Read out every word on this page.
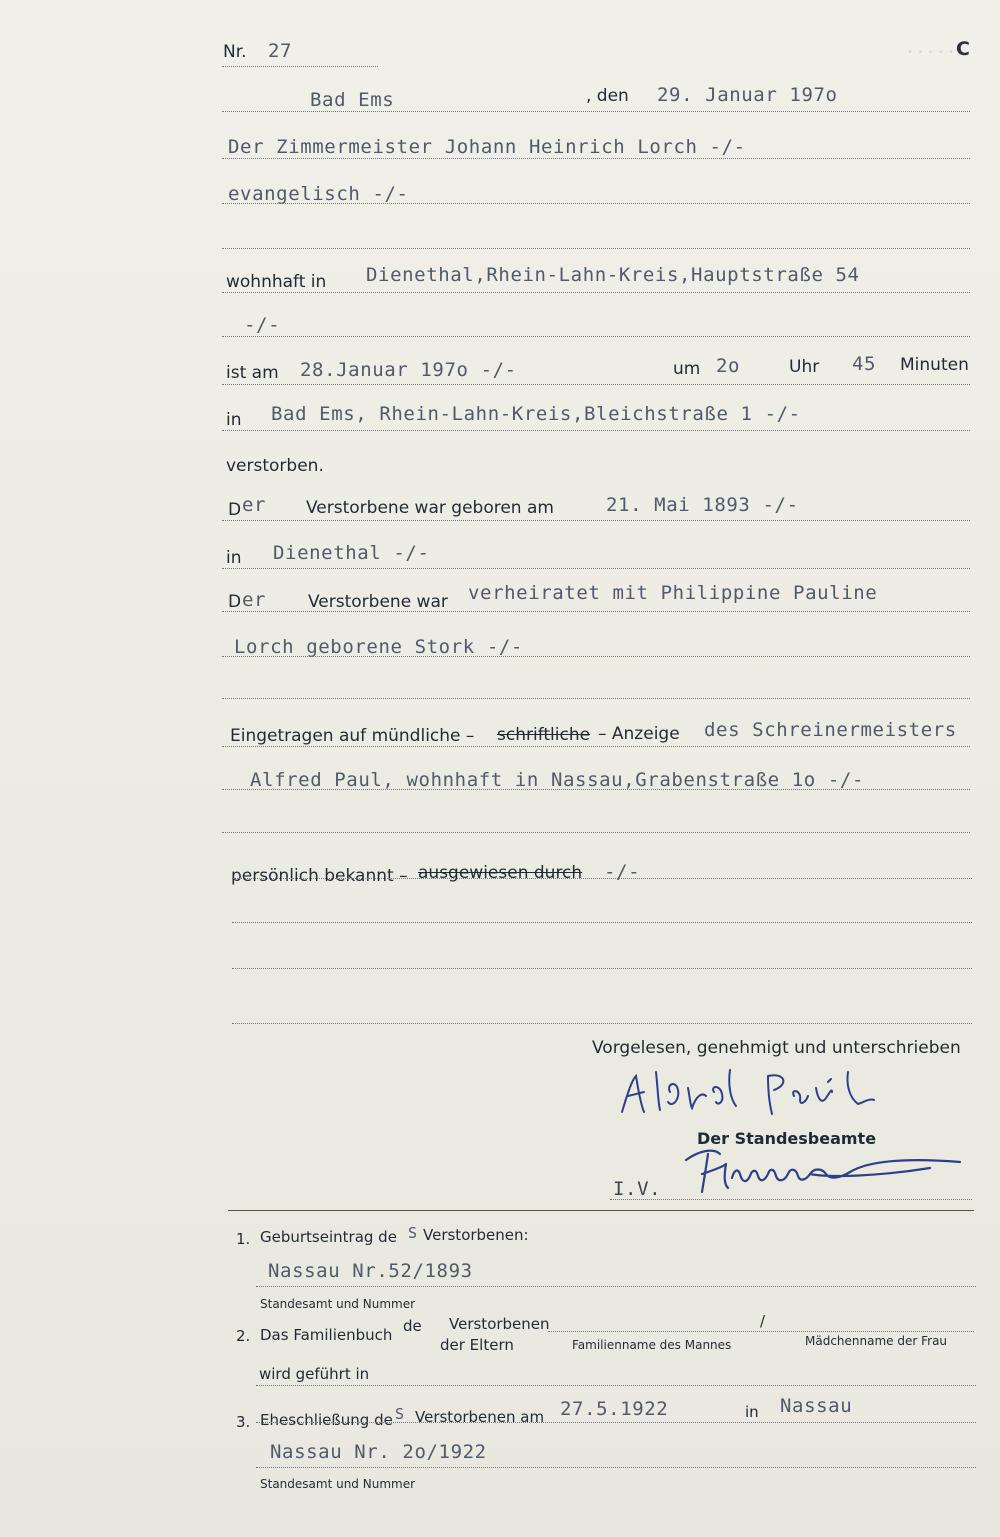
.....
Nr. 27	C
Bad Ems	, den 29. Januar 197o
Der Zimmermeister Johann Heinrich Lorch -/-
evangelisch -/-
wohnhaft in Dienethal,Rhein-Lahn-Kreis,Hauptstraße 54
-/-
ist am 28.Januar 197o -/-	um 2o	Uhr 45 Minuten
in Bad Ems, Rhein-Lahn-Kreis,Bleichstraße 1 -/-
verstorben.
D er Verstorbene war geboren am	21. Mai 1893 -/-
in Dienethal -/-
D er Verstorbene war verheiratet mit Philippine Pauline
Lorch geborene Stork -/-
Eingetragen auf mündliche – schriftliche – Anzeige des Schreinermeisters
Alfred Paul, wohnhaft in Nassau,Grabenstraße 1o -/-
persönlich bekannt – ausgewiesen durch -/-
Vorgelesen, genehmigt und unterschrieben
Der Standesbeamte
I.V.
1. Geburtseintrag de S Verstorbenen:
Nassau Nr.52/1893
Standesamt und Nummer
2. Das Familienbuch de Verstorbenen
der Eltern
/
Familienname des Mannes	Mädchenname der Frau
wird geführt in
3. Eheschließung de S Verstorbenen am 27.5.1922	in Nassau
Nassau Nr. 2o/1922
Standesamt und Nummer
